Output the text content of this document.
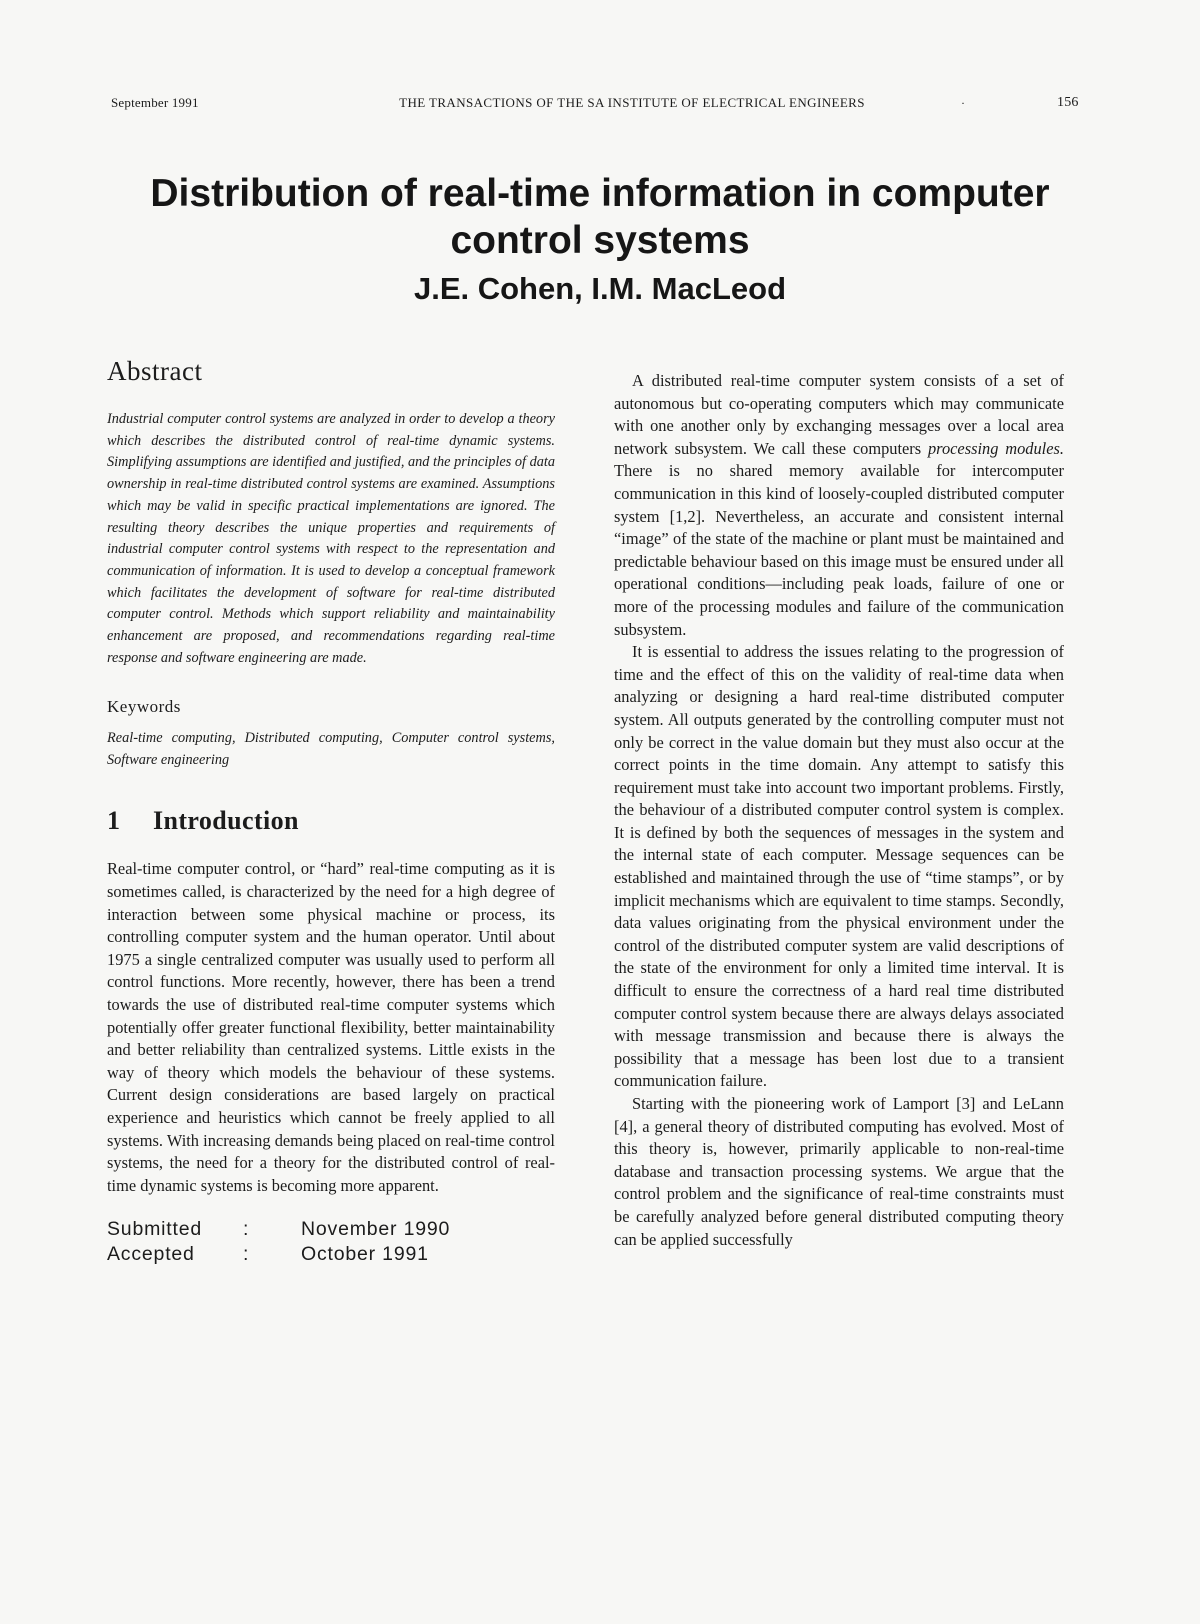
September 1991	THE TRANSACTIONS OF THE SA INSTITUTE OF ELECTRICAL ENGINEERS	·	156
Distribution of real-time information in computer control systems
J.E. Cohen, I.M. MacLeod
Abstract

Industrial computer control systems are analyzed in order to develop a theory which describes the distributed control of real-time dynamic systems. Simplifying assumptions are identified and justified, and the principles of data ownership in real-time distributed control systems are examined. Assumptions which may be valid in specific practical implementations are ignored. The resulting theory describes the unique properties and requirements of industrial computer control systems with respect to the representation and communication of information. It is used to develop a conceptual framework which facilitates the development of software for real-time distributed computer control. Methods which support reliability and maintainability enhancement are proposed, and recommendations regarding real-time response and software engineering are made.

Keywords

Real-time computing, Distributed computing, Computer control systems, Software engineering

1 Introduction

Real-time computer control, or “hard” real-time computing as it is sometimes called, is characterized by the need for a high degree of interaction between some physical machine or process, its controlling computer system and the human operator. Until about 1975 a single centralized computer was usually used to perform all control functions. More recently, however, there has been a trend towards the use of distributed real-time computer systems which potentially offer greater functional flexibility, better maintainability and better reliability than centralized systems. Little exists in the way of theory which models the behaviour of these systems. Current design considerations are based largely on practical experience and heuristics which cannot be freely applied to all systems. With increasing demands being placed on real-time control systems, the need for a theory for the distributed control of real-time dynamic systems is becoming more apparent.

Submitted	:	November 1990
Accepted	:	October 1991

A distributed real-time computer system consists of a set of autonomous but co-operating computers which may communicate with one another only by exchanging messages over a local area network subsystem. We call these computers processing modules. There is no shared memory available for intercomputer communication in this kind of loosely-coupled distributed computer system [1,2]. Nevertheless, an accurate and consistent internal “image” of the state of the machine or plant must be maintained and predictable behaviour based on this image must be ensured under all operational conditions—including peak loads, failure of one or more of the processing modules and failure of the communication subsystem.

It is essential to address the issues relating to the progression of time and the effect of this on the validity of real-time data when analyzing or designing a hard real-time distributed computer system. All outputs generated by the controlling computer must not only be correct in the value domain but they must also occur at the correct points in the time domain. Any attempt to satisfy this requirement must take into account two important problems. Firstly, the behaviour of a distributed computer control system is complex. It is defined by both the sequences of messages in the system and the internal state of each computer. Message sequences can be established and maintained through the use of “time stamps”, or by implicit mechanisms which are equivalent to time stamps. Secondly, data values originating from the physical environment under the control of the distributed computer system are valid descriptions of the state of the environment for only a limited time interval. It is difficult to ensure the correctness of a hard real time distributed computer control system because there are always delays associated with message transmission and because there is always the possibility that a message has been lost due to a transient communication failure.

Starting with the pioneering work of Lamport [3] and LeLann [4], a general theory of distributed computing has evolved. Most of this theory is, however, primarily applicable to non-real-time database and transaction processing systems. We argue that the control problem and the significance of real-time constraints must be carefully analyzed before general distributed computing theory can be applied successfully
